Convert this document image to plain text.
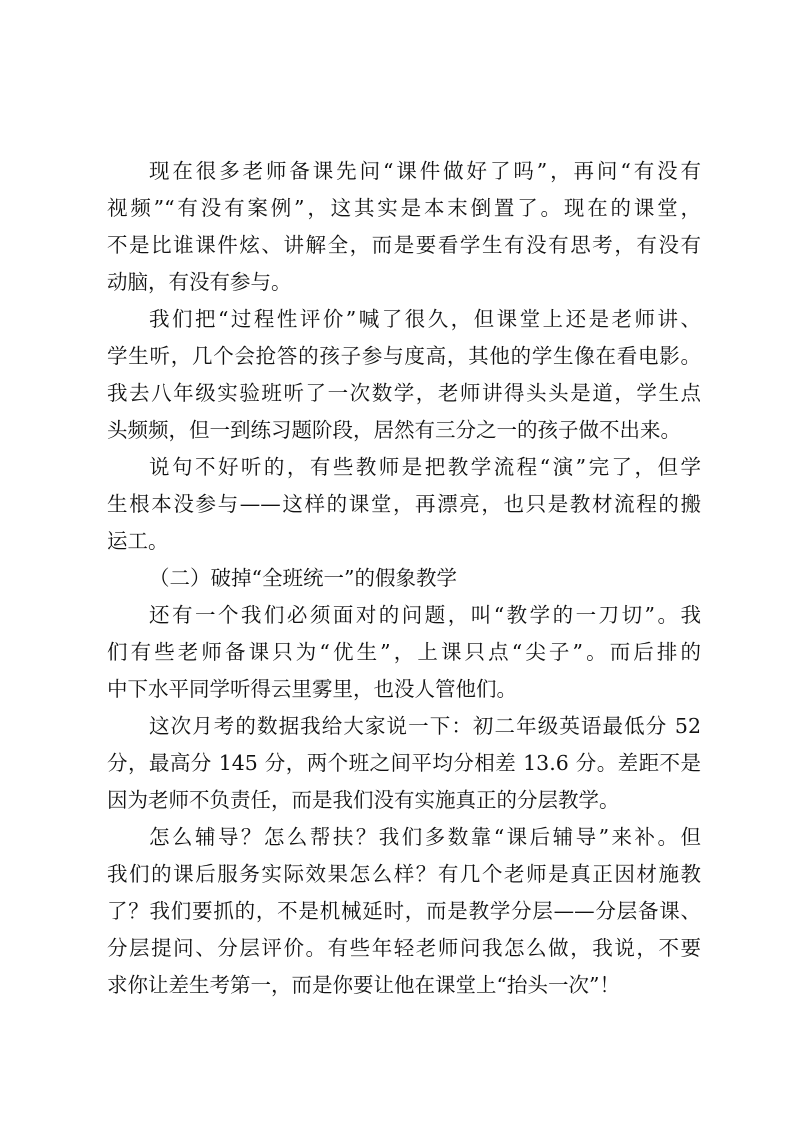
现在很多老师备课先问“课件做好了吗”，再问“有没有
视频”“有没有案例”，这其实是本末倒置了。现在的课堂，
不是比谁课件炫、讲解全，而是要看学生有没有思考，有没有
动脑，有没有参与。
我们把“过程性评价”喊了很久，但课堂上还是老师讲、
学生听，几个会抢答的孩子参与度高，其他的学生像在看电影。
我去八年级实验班听了一次数学，老师讲得头头是道，学生点
头频频，但一到练习题阶段，居然有三分之一的孩子做不出来。
说句不好听的，有些教师是把教学流程“演”完了，但学
生根本没参与——这样的课堂，再漂亮，也只是教材流程的搬
运工。
（二）破掉“全班统一”的假象教学
还有一个我们必须面对的问题，叫“教学的一刀切”。我
们有些老师备课只为“优生”，上课只点“尖子”。而后排的
中下水平同学听得云里雾里，也没人管他们。
这次月考的数据我给大家说一下：初二年级英语最低分 52
分，最高分 145 分，两个班之间平均分相差 13.6 分。差距不是
因为老师不负责任，而是我们没有实施真正的分层教学。
怎么辅导？怎么帮扶？我们多数靠“课后辅导”来补。但
我们的课后服务实际效果怎么样？有几个老师是真正因材施教
了？我们要抓的，不是机械延时，而是教学分层——分层备课、
分层提问、分层评价。有些年轻老师问我怎么做，我说，不要
求你让差生考第一，而是你要让他在课堂上“抬头一次”！
